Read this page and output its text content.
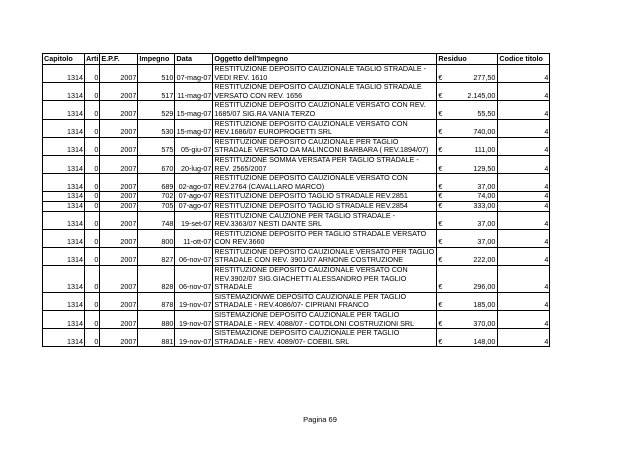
Capitolo	Arti	E.P.F.	Impegno	Data	Oggetto dell'Impegno	Residuo	Codice titolo
1314	0	2007	510	07-mag-07	RESTITUZIONE DEPOSITO CAUZIONALE TAGLIO STRADALE - VEDI REV. 1610	€ 277,50	4
1314	0	2007	517	11-mag-07	RESTITUZIONE DEPOSITO CAUZIONALE TAGLIO STRADALE VERSATO CON REV. 1656	€ 2.145,00	4
1314	0	2007	529	15-mag-07	RESTITUZIONE DEPOSITO CAUZIONALE VERSATO CON REV. 1685/07 SIG.RA VANIA TERZO	€ 55,50	4
1314	0	2007	530	15-mag-07	RESTITUZIONE DEPOSITO CAUZIONALE VERSATO CON REV.1686/07 EUROPROGETTI SRL	€ 740,00	4
1314	0	2007	575	05-giu-07	RESTITUZIONE DEPOSITO CAUZIONALE PER TAGLIO STRADALE VERSATO DA MALINCONI BARBARA ( REV.1894/07)	€ 111,00	4
1314	0	2007	670	20-lug-07	RESTITUZIONE SOMMA VERSATA PER TAGLIO STRADALE - REV. 2565/2007	€ 129,50	4
1314	0	2007	689	02-ago-07	RESTITUZIONE DEPOSITO CAUZIONALE VERSATO CON REV.2764 (CAVALLARO MARCO)	€ 37,00	4
1314	0	2007	702	07-ago-07	RESTITUZIONE DEPOSITO TAGLIO STRADALE REV.2851	€ 74,00	4
1314	0	2007	705	07-ago-07	RESTITUZIONE DEPOSITO TAGLIO STRADALE REV.2854	€ 333,00	4
1314	0	2007	748	19-set-07	RESTITUZIONE CAUZIONE PER TAGLIO STRADALE - REV.3363/07 NESTI DANTE SRL	€ 37,00	4
1314	0	2007	800	11-ott-07	RESTITUZIONE DEPOSITO PER TAGLIO STRADALE VERSATO CON REV.3660	€ 37,00	4
1314	0	2007	827	06-nov-07	RESTITUZIONE DEPOSITO CAUZIONALE VERSATO PER TAGLIO STRADALE CON REV. 3901/07 ARNONE COSTRUZIONE	€ 222,00	4
1314	0	2007	828	06-nov-07	RESTITUZIONE DEPOSITO CAUZIONALE VERSATO CON REV.3902/07 SIG.GIACHETTI ALESSANDRO PER TAGLIO STRADALE	€ 296,00	4
1314	0	2007	878	19-nov-07	SISTEMAZIONWE DEPOSITO CAUZIONALE PER TAGLIO STRADALE - REV.4086/07- CIPRIANI FRANCO	€ 185,00	4
1314	0	2007	880	19-nov-07	SISTEMAZIONE DEPOSITO CAUZIONALE PER TAGLIO STRADALE - REV. 4088/07 - COTOLONI COSTRUZIONI SRL	€ 370,00	4
1314	0	2007	881	19-nov-07	SISTEMAZIONE DEPOSITO CAUZIONALE PER TAGLIO STRADALE - REV. 4089/07- COEBIL SRL	€ 148,00	4
Pagina 69
